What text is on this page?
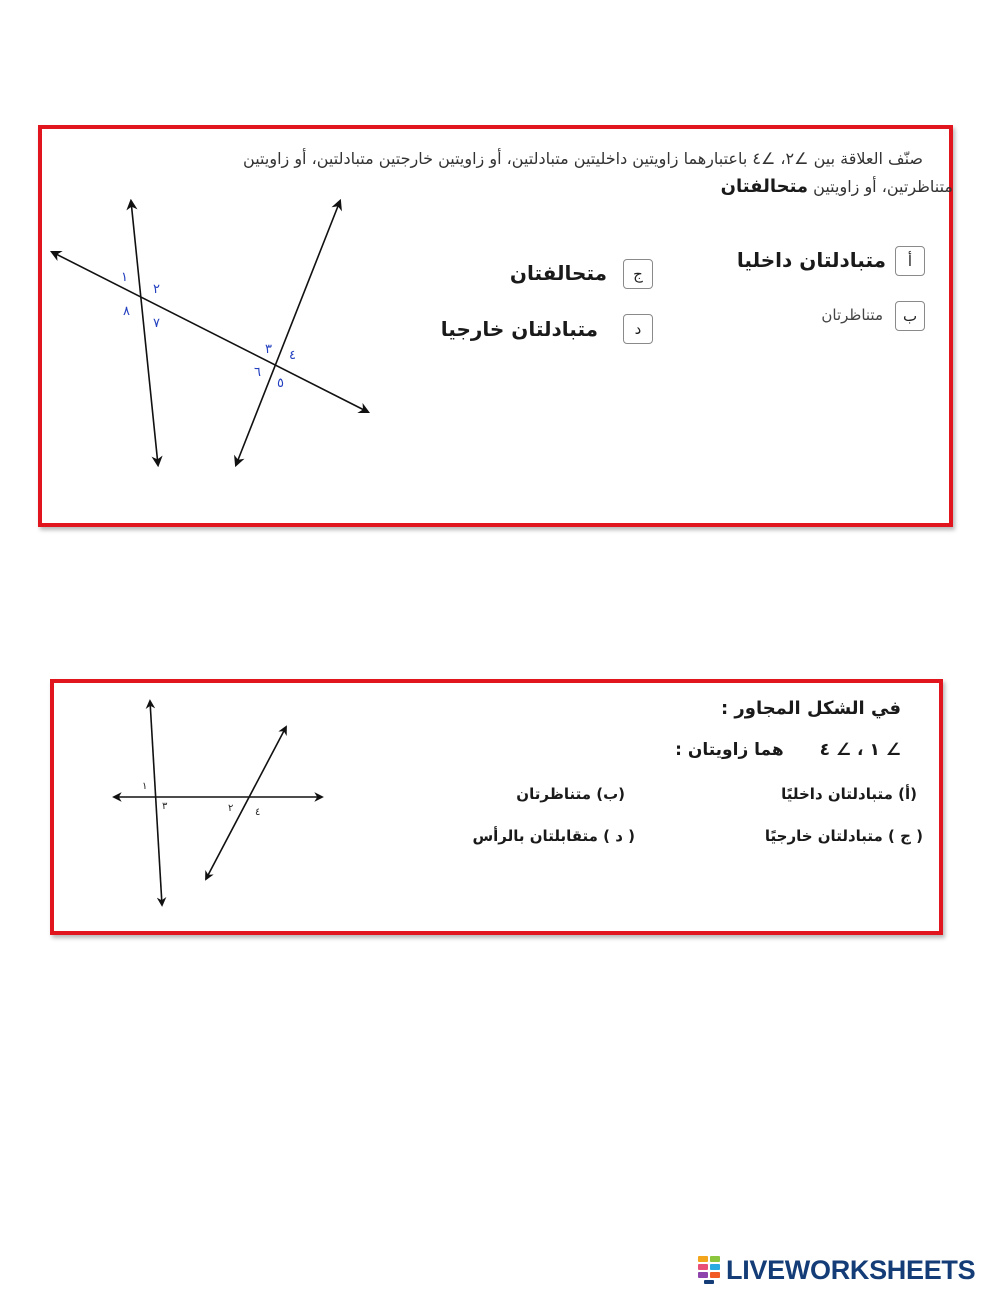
صنّف العلاقة بين ∠٢، ∠٤ باعتبارهما زاويتين داخليتين متبادلتين، أو زاويتين خارجتين متبادلتين، أو زاويتين
متناظرتين، أو زاويتين متحالفتان
١
٢
٨
٧
٣ ٤
٦
٥
أ
متبادلتان داخليا
ب
متناظرتان
ج
متحالفتان
د
متبادلتان خارجيا
١
٣	٢ ٤
في الشكل المجاور :
∠ ١ ، ∠ ٤  هما زاويتان :
(أ) متبادلتان داخليًا
(ب) متناظرتان
( ج ) متبادلتان خارجيًا
( د ) متقابلتان بالرأس
LIVEWORKSHEETS
